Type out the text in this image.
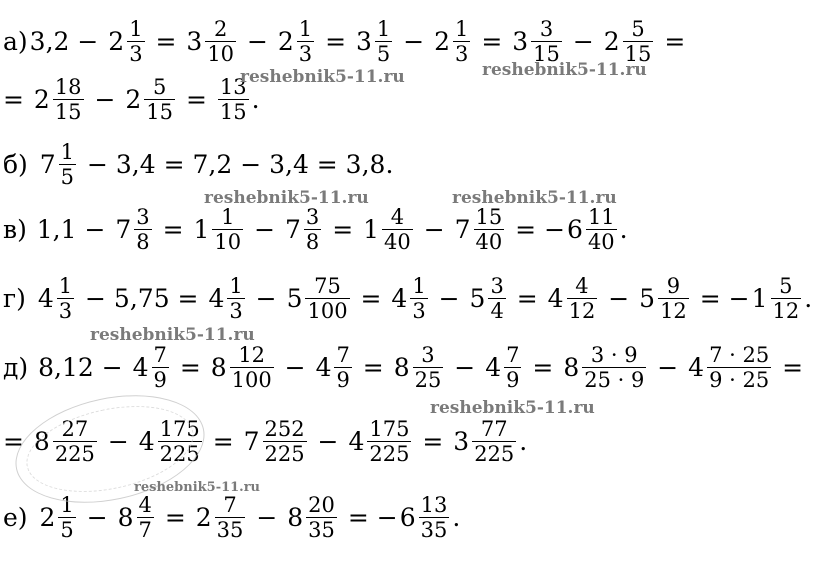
а) $3,2 - 2 \frac{1}{3} = 3 \frac{2}{10} - 2 \frac{1}{3} = 3 \frac{1}{5} - 2 \frac{1}{3} = 3 \frac{3}{15} - 2 \frac{5}{15}$ =
= $2 \frac{18}{15} - 2 \frac{5}{15} = \frac{13}{15}$ .
б)
$7 \frac{1}{5} - 3,4 = 7,2 - 3,4 = 3,8$.
в) $1,1 - 7 \frac{3}{8} = 1 \frac{1}{10} - 7 \frac{3}{8} = 1 \frac{4}{40} - 7 \frac{15}{40}$ = − $6 \frac{11}{40}$ .
г)
$4 \frac{1}{3} - 5,75 = 4 \frac{1}{3} - 5 \frac{75}{100} = 4 \frac{1}{3} - 5 \frac{3}{4} = 4 \frac{4}{12} - 5 \frac{9}{12}$ = − $1 \frac{5}{12}$ .
д) $8,12 - 4 \frac{7}{9} = 8 \frac{12}{100} - 4 \frac{7}{9} = 8 \frac{3}{25} - 4 \frac{7}{9} = 8 \frac{3 \cdot 9}{25 \cdot 9} - 4 \frac{7 \cdot 25}{9 \cdot 25}$ =
= $8 \frac{27}{225} - 4 \frac{175}{225} = 7 \frac{252}{225} - 4 \frac{175}{225} = 3 \frac{77}{225}$ .
е)
$2 \frac{1}{5} - 8 \frac{4}{7} = 2 \frac{7}{35} - 8 \frac{20}{35}$ = − $6 \frac{13}{35}$ .
reshebnik5-11.ru	reshebnik5-11.ru
reshebnik5-11.ru	reshebnik5-11.ru
reshebnik5-11.ru
reshebnik5-11.ru
reshebnik5-11.ru
